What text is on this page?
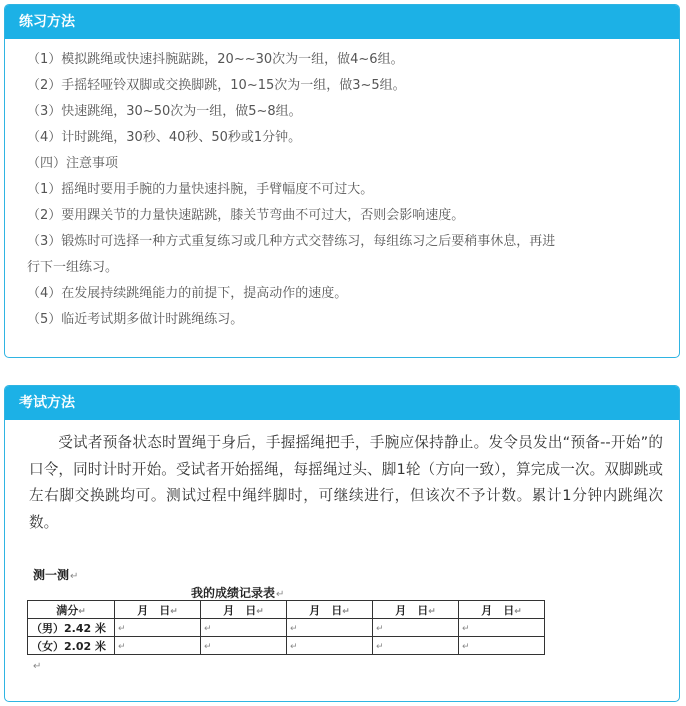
练习方法
（1）模拟跳绳或快速抖腕踮跳，20~~30次为一组，做4~6组。
（2）手摇轻哑铃双脚或交换脚跳，10~15次为一组，做3~5组。
（3）快速跳绳，30~50次为一组，做5~8组。
（4）计时跳绳，30秒、40秒、50秒或1分钟。
（四）注意事项
（1）摇绳时要用手腕的力量快速抖腕，手臂幅度不可过大。
（2）要用踝关节的力量快速踮跳，膝关节弯曲不可过大，否则会影响速度。
（3）锻炼时可选择一种方式重复练习或几种方式交替练习，每组练习之后要稍事休息，再进
行下一组练习。
（4）在发展持续跳绳能力的前提下，提高动作的速度。
（5）临近考试期多做计时跳绳练习。
考试方法
受试者预备状态时置绳于身后，手握摇绳把手，手腕应保持静止。发令员发出“预备--开始”的口令，同时计时开始。受试者开始摇绳，每摇绳过头、脚1轮（方向一致），算完成一次。双脚跳或左右脚交换跳均可。测试过程中绳绊脚时，可继续进行，但该次不予计数。累计1分钟内跳绳次数。
测一测↵
我的成绩记录表↵
满分↵	月　日↵	月　日↵	月　日↵	月　日↵	月　日↵
（男）2.42 米	↵	↵	↵	↵	↵
（女）2.02 米	↵	↵	↵	↵	↵
↵
